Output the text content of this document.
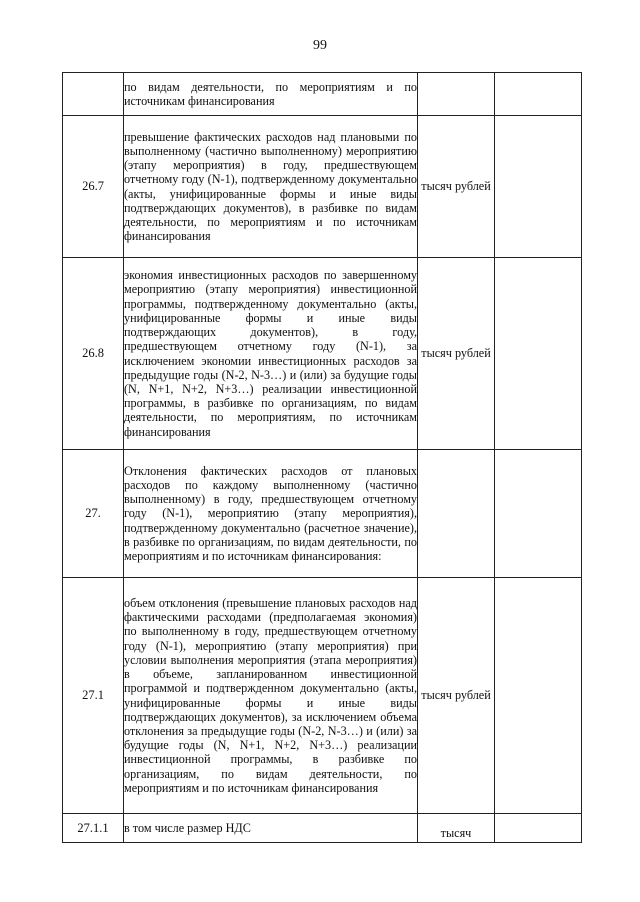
99
	по видам деятельности, по мероприятиям и по источникам финансирования		
26.7	превышение фактических расходов над плановыми по выполненному (частично выполненному) мероприятию (этапу мероприятия) в году, предшествующем отчетному году (N-1), подтвержденному документально (акты, унифицированные формы и иные виды подтверждающих документов), в разбивке по видам деятельности, по мероприятиям и по источникам финансирования	тысяч рублей	
26.8	экономия инвестиционных расходов по завершенному мероприятию (этапу мероприятия) инвестиционной программы, подтвержденному документально (акты, унифицированные формы и иные виды подтверждающих документов), в году, предшествующем отчетному году (N-1), за исключением экономии инвестиционных расходов за предыдущие годы (N-2, N-3…) и (или) за будущие годы (N, N+1, N+2, N+3…) реализации инвестиционной программы, в разбивке по организациям, по видам деятельности, по мероприятиям, по источникам финансирования	тысяч рублей	
27.	Отклонения фактических расходов от плановых расходов по каждому выполненному (частично выполненному) в году, предшествующем отчетному году (N-1), мероприятию (этапу мероприятия), подтвержденному документально (расчетное значение), в разбивке по организациям, по видам деятельности, по мероприятиям и по источникам финансирования:		
27.1	объем отклонения (превышение плановых расходов над фактическими расходами (предполагаемая экономия) по выполненному в году, предшествующем отчетному году (N-1), мероприятию (этапу мероприятия) при условии выполнения мероприятия (этапа мероприятия) в объеме, запланированном инвестиционной программой и подтвержденном документально (акты, унифицированные формы и иные виды подтверждающих документов), за исключением объема отклонения за предыдущие годы (N-2, N-3…) и (или) за будущие годы (N, N+1, N+2, N+3…) реализации инвестиционной программы, в разбивке по организациям, по видам деятельности, по мероприятиям и по источникам финансирования	тысяч рублей	
27.1.1	в том числе размер НДС	тысяч	
